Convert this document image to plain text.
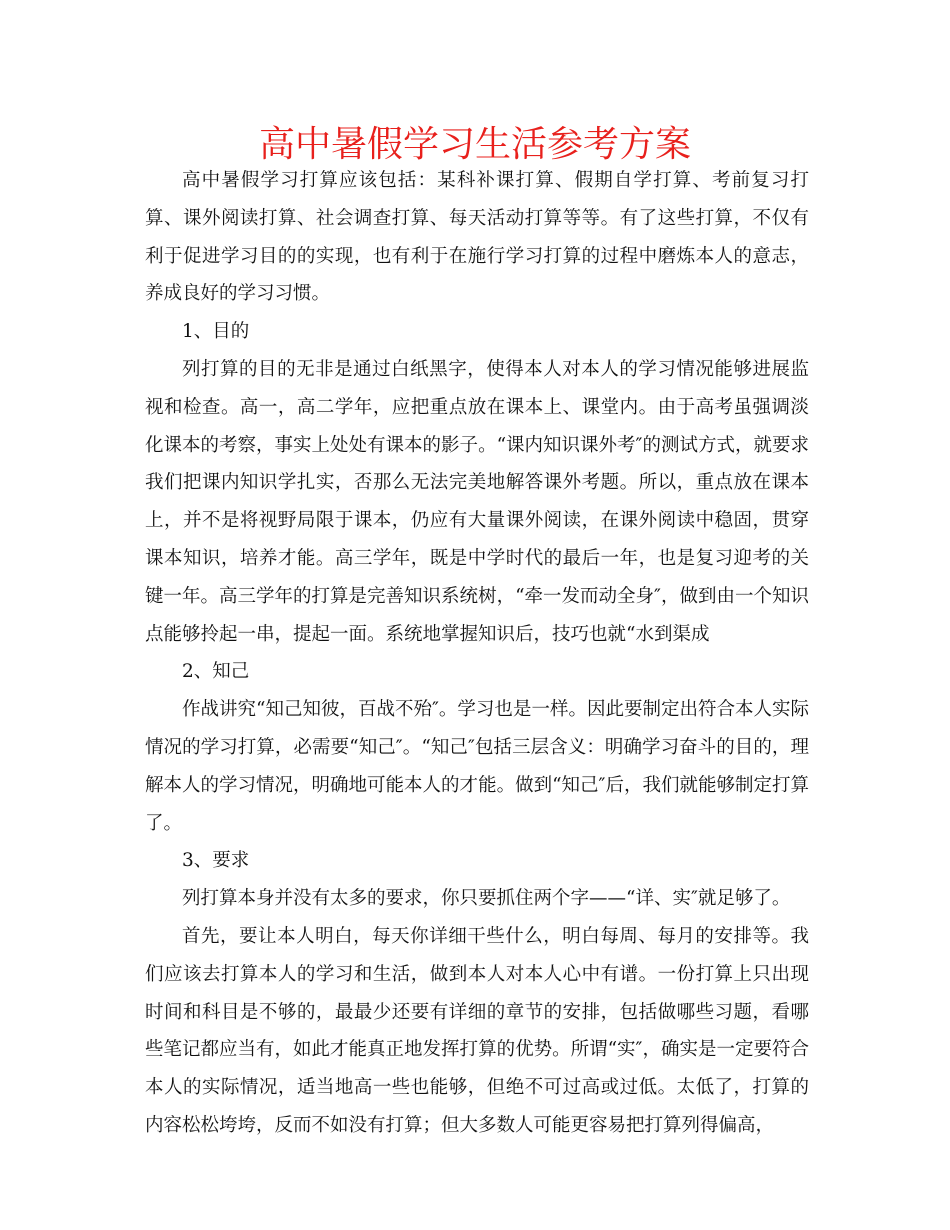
高中暑假学习生活参考方案

高中暑假学习打算应该包括：某科补课打算、假期自学打算、考前复习打算、课外阅读打算、社会调查打算、每天活动打算等等。有了这些打算，不仅有利于促进学习目的的实现，也有利于在施行学习打算的过程中磨炼本人的意志，养成良好的学习习惯。

1、目的

列打算的目的无非是通过白纸黑字，使得本人对本人的学习情况能够进展监视和检查。高一，高二学年，应把重点放在课本上、课堂内。由于高考虽强调淡化课本的考察，事实上处处有课本的影子。“课内知识课外考″的测试方式，就要求我们把课内知识学扎实，否那么无法完美地解答课外考题。所以，重点放在课本上，并不是将视野局限于课本，仍应有大量课外阅读，在课外阅读中稳固，贯穿课本知识，培养才能。高三学年，既是中学时代的最后一年，也是复习迎考的关键一年。高三学年的打算是完善知识系统树，“牵一发而动全身″，做到由一个知识点能够拎起一串，提起一面。系统地掌握知识后，技巧也就“水到渠成

2、知己

作战讲究“知己知彼，百战不殆″。学习也是一样。因此要制定出符合本人实际情况的学习打算，必需要“知己″。“知己″包括三层含义：明确学习奋斗的目的，理解本人的学习情况，明确地可能本人的才能。做到“知己″后，我们就能够制定打算了。

3、要求

列打算本身并没有太多的要求，你只要抓住两个字——“详、实″就足够了。

首先，要让本人明白，每天你详细干些什么，明白每周、每月的安排等。我们应该去打算本人的学习和生活，做到本人对本人心中有谱。一份打算上只出现时间和科目是不够的，最最少还要有详细的章节的安排，包括做哪些习题，看哪些笔记都应当有，如此才能真正地发挥打算的优势。所谓“实″，确实是一定要符合本人的实际情况，适当地高一些也能够，但绝不可过高或过低。太低了，打算的内容松松垮垮，反而不如没有打算；但大多数人可能更容易把打算列得偏高，
